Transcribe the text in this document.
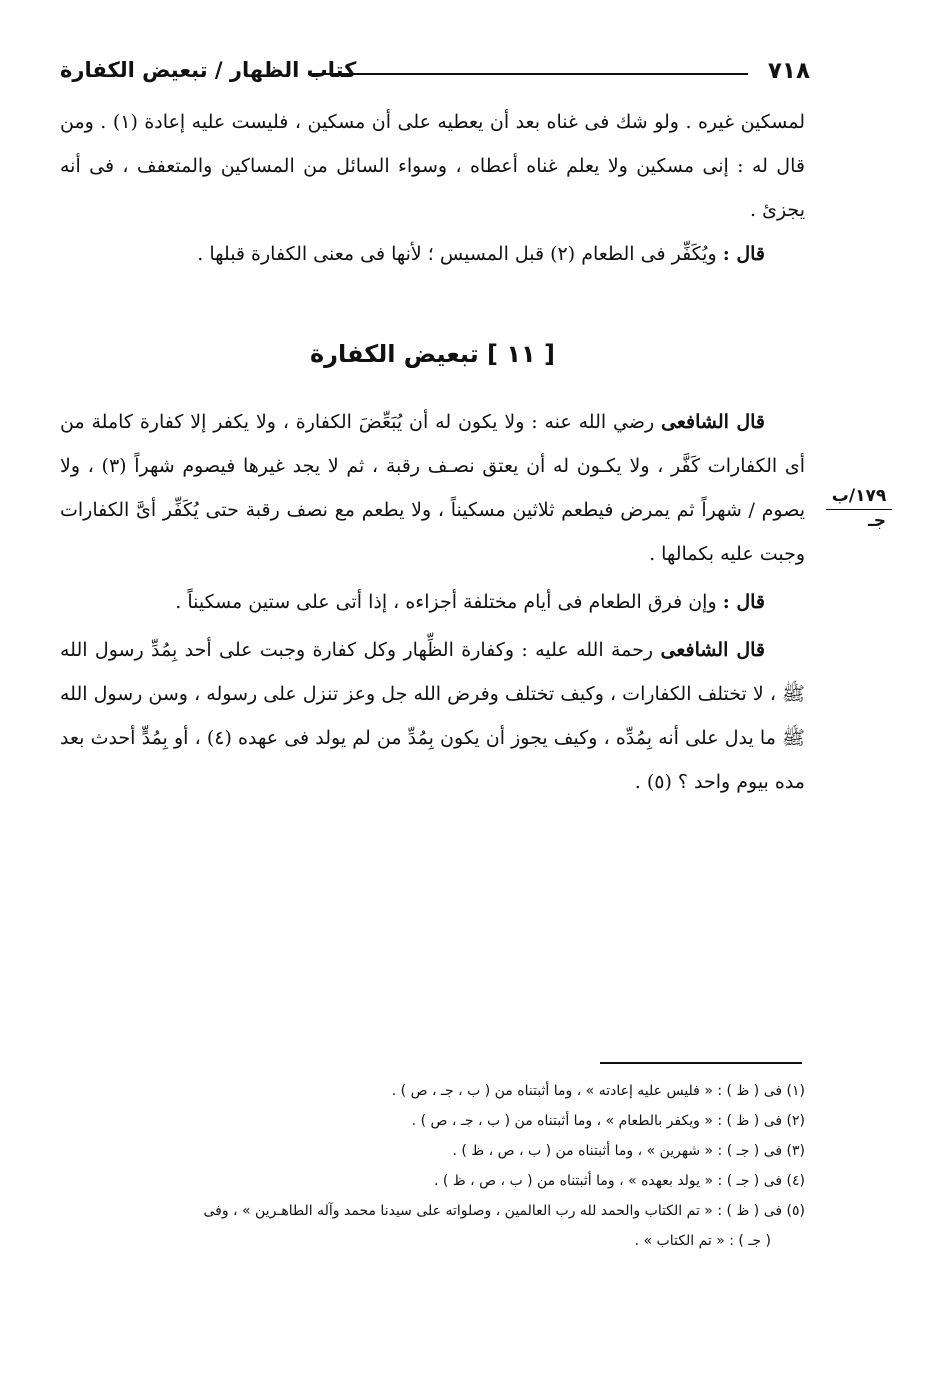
٧١٨
كتاب الظهار / تبعيض الكفارة

لمسكين غيره . ولو شك فى غناه بعد أن يعطيه على أن مسكين ، فليست عليه إعادة (١) . ومن قال له : إنى مسكين ولا يعلم غناه أعطاه ، وسواء السائل من المساكين والمتعفف ، فى أنه يجزئ .

قال : ويُكَفِّر فى الطعام (٢) قبل المسيس ؛ لأنها فى معنى الكفارة قبلها .

[ ١١ ] تبعيض الكفارة

قال الشافعى رضي الله عنه : ولا يكون له أن يُبَعِّضَ الكفارة ، ولا يكفر إلا كفارة كاملة من أى الكفارات كَفَّر ، ولا يكـون له أن يعتق نصـف رقبة ، ثم لا يجد غيرها فيصوم شهراً (٣) ، ولا يصوم / شهراً ثم يمرض فيطعم ثلاثين مسكيناً ، ولا يطعم مع نصف رقبة حتى يُكَفِّر أىَّ الكفارات وجبت عليه بكمالها .

قال : وإن فرق الطعام فى أيام مختلفة أجزاءه ، إذا أتى على ستين مسكيناً .

قال الشافعى رحمة الله عليه : وكفارة الظِّهار وكل كفارة وجبت على أحد بِمُدِّ رسول الله ﷺ ، لا تختلف الكفارات ، وكيف تختلف وفرض الله جل وعز تنزل على رسوله ، وسن رسول الله ﷺ ما يدل على أنه بِمُدِّه ، وكيف يجوز أن يكون بِمُدِّ من لم يولد فى عهده (٤) ، أو بِمُدٍّ أحدث بعد مده بيوم واحد ؟ (٥) .

١٧٩/ب
جـ

(١) فى ( ظ ) : « فليس عليه إعادته » ، وما أثبتناه من ( ب ، جـ ، ص ) .

(٢) فى ( ظ ) : « ويكفر بالطعام » ، وما أثبتناه من ( ب ، جـ ، ص ) .

(٣) فى ( جـ ) : « شهرين » ، وما أثبتناه من ( ب ، ص ، ظ ) .

(٤) فى ( جـ ) : « يولد بعهده » ، وما أثبتناه من ( ب ، ص ، ظ ) .

(٥) فى ( ظ ) : « تم الكتاب والحمد لله رب العالمين ، وصلواته على سيدنا محمد وآله الطاهـرين » ، وفى
( جـ ) : « تم الكتاب » .
